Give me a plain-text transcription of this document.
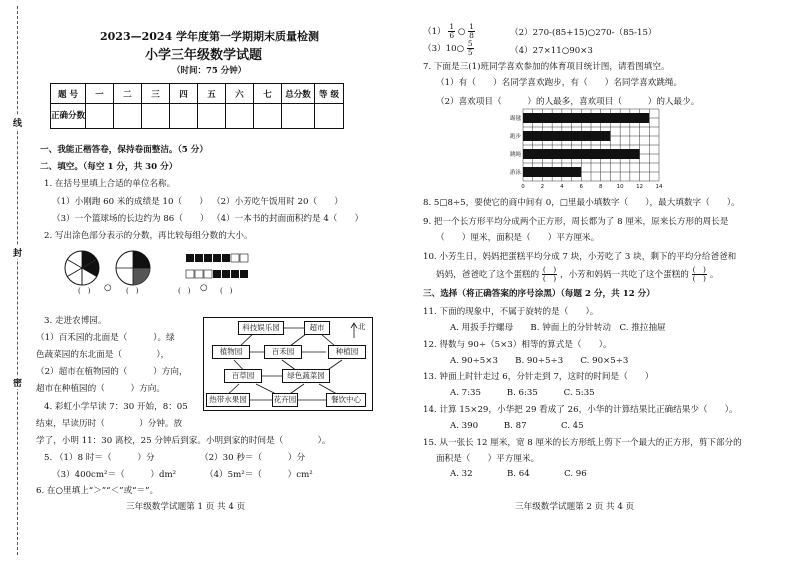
线
封
密
2023—2024 学年度第一学期期末质量检测
小学三年级数学试题
（时间：75 分钟）
题 号	一	二	三	四	五	六	七	总分数	等 级
正确分数									
一、我能正楷答卷，保持卷面整洁。（5 分）
二、填空。（每空 1 分，共 30 分）
1. 在括号里填上合适的单位名称。
（1）小刚跑 60 米的成绩是 10（　　） （2）小芳吃午饭用时 20（　　）
（3）一个篮球场的长边约为 86（　　） （4）一本书的封面面积约是 4（　　）
2. 写出涂色部分表示的分数，再比较每组分数的大小。
(　)	(　)
○	(　) ○ (　)
3. 走进农博园。
（1）百禾园的北面是（　　　）。绿
色蔬菜园的东北面是（　　　　），
（2）超市在植物园的（　　　）方向，
超市在种植园的（　　　）方向。
北
科技娱乐园	超市
植物园	百禾园	种植园
百草园	绿色蔬菜园
热带水果园	花卉园	餐饮中心
4. 彩虹小学早读 7：30 开始，8：05
结束，早读历时（　　　　）分钟。放
学了，小明 11：30 离校，25 分钟后到家。小明到家的时间是（　　　　）。
5. （1）8 时＝（　　　）分	（2）30 秒＝（　　　）分
（3）400cm²＝（　　　）dm²	（4）5m²＝（　　　）cm²
6. 在○里填上“＞”“＜”或“＝”。
三年级数学试题第 1 页 共 4 页
$(1) \frac{1}{6}$ ○ $\frac{1}{8}$	（2）270-(85+15)○270-（85-15）
（3）10○ $\frac{5}{5}$	（4）27×11○90×3
7. 下面是三(1)班同学喜欢参加的体育项目统计图，请看图填空。
（1）有（　　）名同学喜欢跑步，有（　　）名同学喜欢跳绳。
（2）喜欢项目（　　　）的人最多，喜欢项目（　　　）的人最少。
踢毽
跑步
跳绳
游泳
0	2	4	6	8	10 12 14
8. 5□8÷5，要使它的商中间有 0，□里最小填数字（　　），最大填数字（　　）。
9. 把一个长方形平均分成两个正方形，周长都为了 8 厘米，原来长方形的周长是
（　　）厘米，面积是（　　）平方厘米。
10. 小芳生日，妈妈把蛋糕平均分成 7 块，小芳吃了 3 块，剩下的平均分给爸爸和
妈妈，爸爸吃了这个蛋糕的 $\frac{( )}{( )}$ ，小芳和妈妈一共吃了这个蛋糕的 $\frac{( )}{( )}$ 。
三、选择（将正确答案的序号涂黑）（每题 2 分，共 12 分）
11. 下面的现象中，不属于旋转的是（　　）。
A. 用扳手拧螺母　　B. 钟面上的分针转动　C. 推拉抽屉
12. 得数与 90÷（5×3）相等的算式是（　　）。
A. 90÷5×3　　B. 90÷5÷3　　C. 90×5÷3
13. 钟面上时针走过 6，分针走到 7，这时的时间是（　　）
A. 7:35　　　B. 6:35　　　C. 5:35
14. 计算 15×29，小华把 29 看成了 26，小华的计算结果比正确结果少（　　）。
A. 390　　　B. 87　　　　C. 45
15. 从一张长 12 厘米，宽 8 厘米的长方形纸上剪下一个最大的正方形，剪下部分的
面积是（　　）平方厘米。
A. 32　　　　B. 64　　　　C. 96
三年级数学试题第 2 页 共 4 页
